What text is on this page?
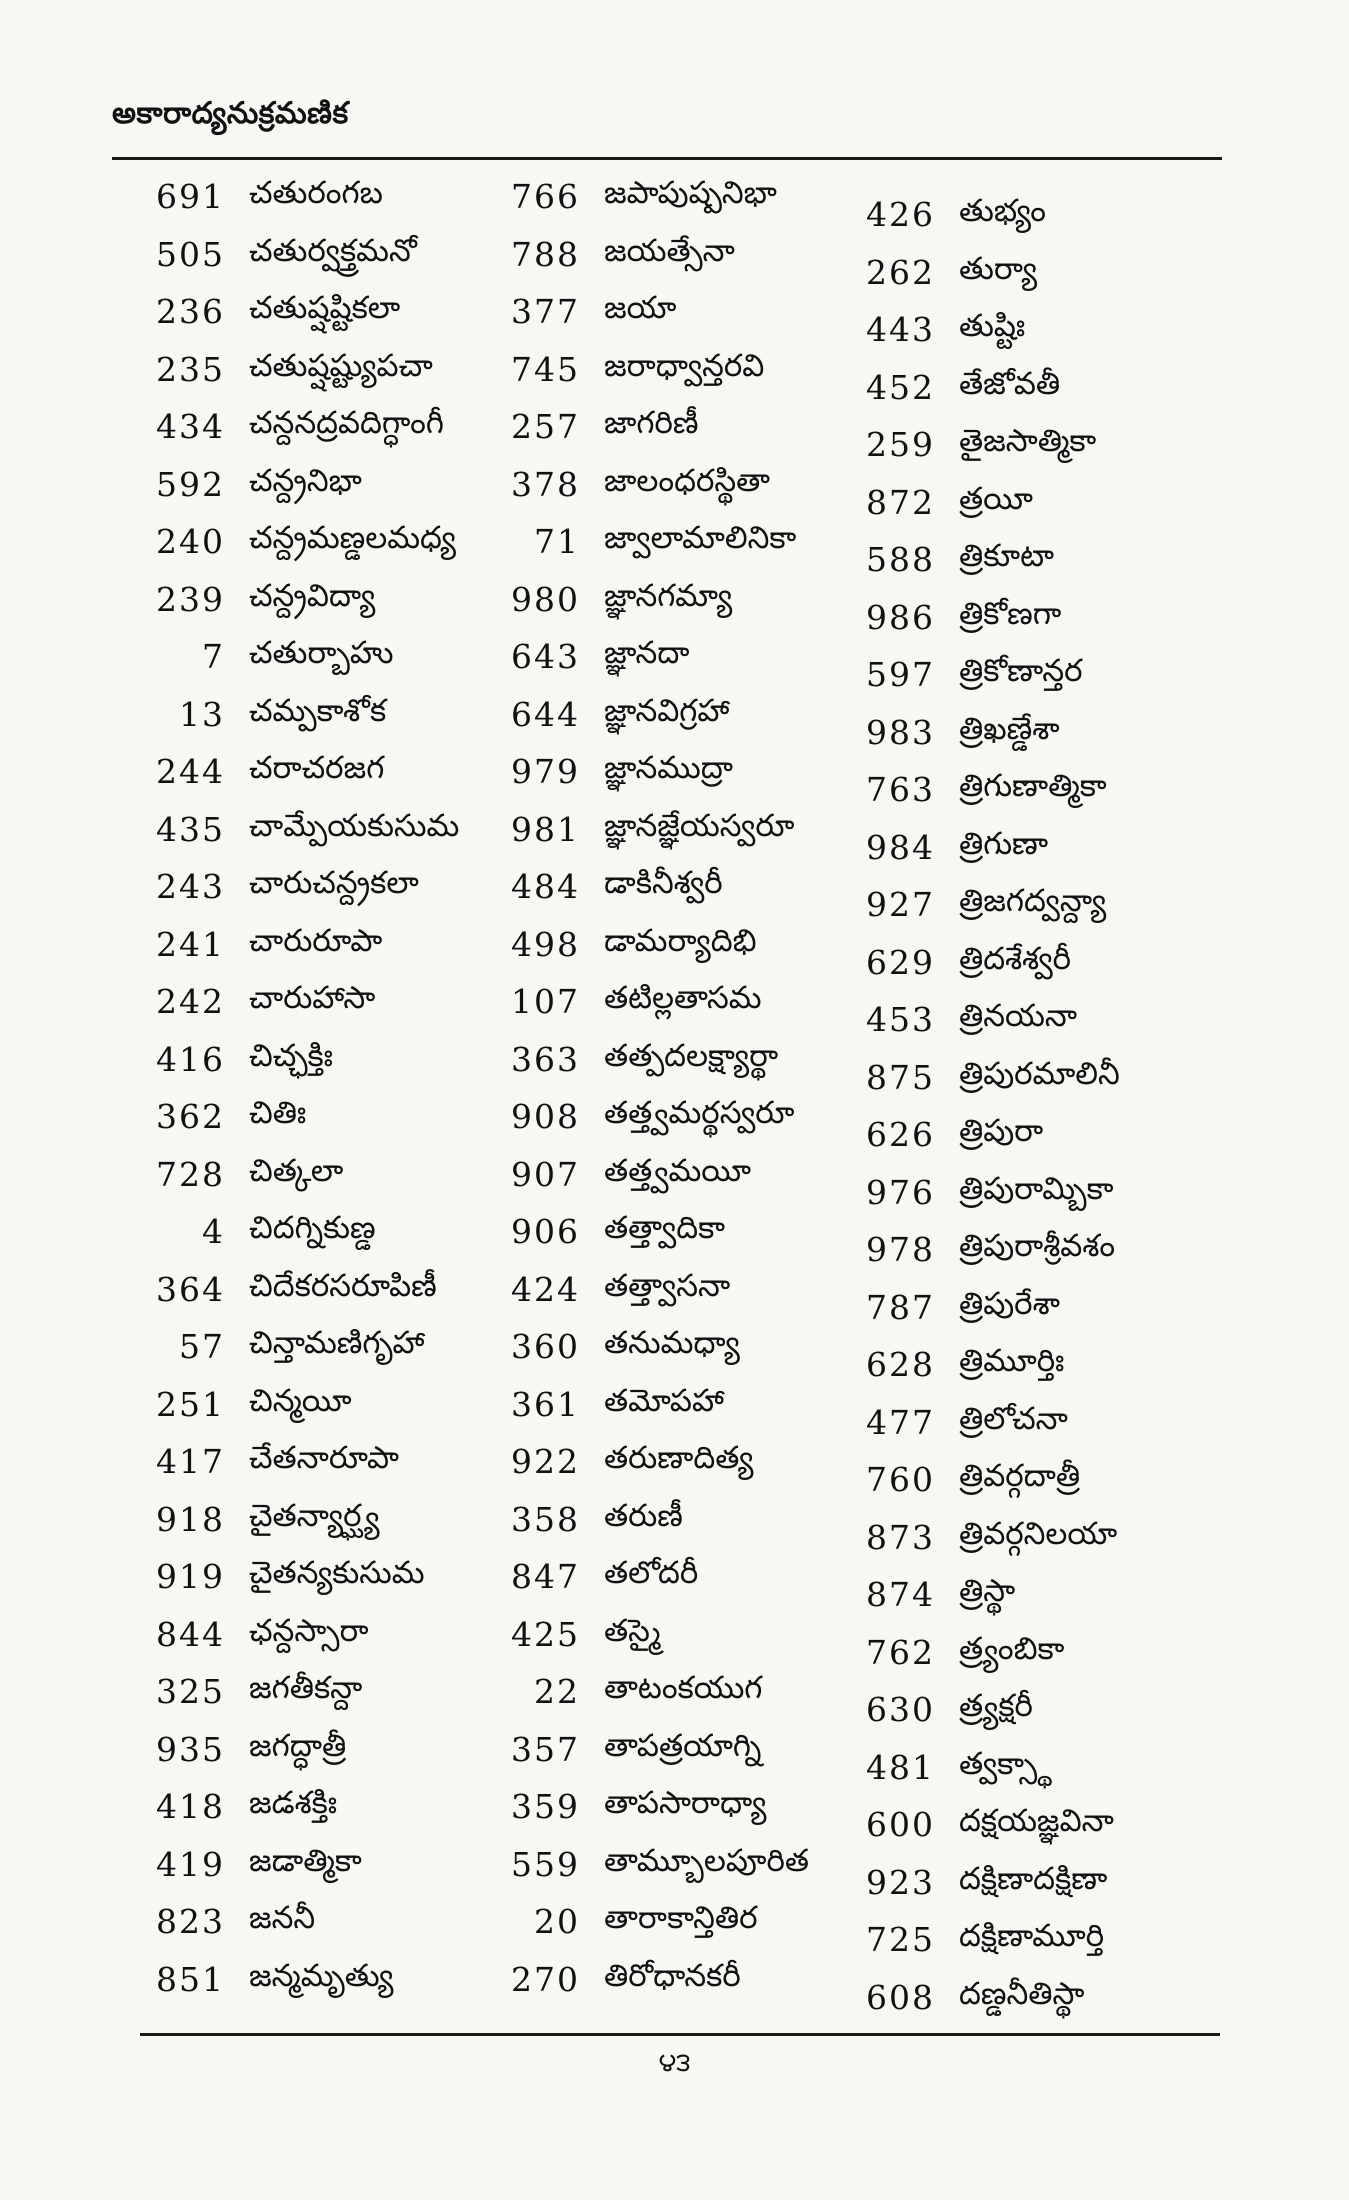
అకారాద్యనుక్రమణిక
691 చతురంగబ
505 చతుర్వక్త్రమనో
236 చతుష్షష్టికలా
235 చతుష్షష్ట్యుపచా
434 చన్దనద్రవదిగ్ధాంగీ
592 చన్ద్రనిభా
240 చన్ద్రమణ్డలమధ్య
239 చన్ద్రవిద్యా
7 చతుర్బాహు
13 చమ్పకాశోక
244 చరాచరజగ
435 చామ్పేయకుసుమ
243 చారుచన్ద్రకలా
241 చారురూపా
242 చారుహాసా
416 చిచ్ఛక్తిః
362 చితిః
728 చిత్కలా
4 చిదగ్నికుణ్డ
364 చిదేకరసరూపిణీ
57 చిన్తామణిగృహా
251 చిన్మయీ
417 చేతనారూపా
918 చైతన్యార్ఘ్య
919 చైతన్యకుసుమ
844 ఛన్దస్సారా
325 జగతీకన్దా
935 జగద్ధాత్రీ
418 జడశక్తిః
419 జడాత్మికా
823 జననీ
851 జన్మమృత్యు
766 జపాపుష్పనిభా
788 జయత్సేనా
377 జయా
745 జరాధ్వాన్తరవి
257 జాగరిణీ
378 జాలంధరస్థితా
71 జ్వాలామాలినికా
980 జ్ఞానగమ్యా
643 జ్ఞానదా
644 జ్ఞానవిగ్రహా
979 జ్ఞానముద్రా
981 జ్ఞానజ్ఞేయస్వరూ
484 డాకినీశ్వరీ
498 డామర్యాదిభి
107 తటిల్లతాసమ
363 తత్పదలక్ష్యార్థా
908 తత్త్వమర్థస్వరూ
907 తత్త్వమయీ
906 తత్త్వాదికా
424 తత్త్వాసనా
360 తనుమధ్యా
361 తమోపహా
922 తరుణాదిత్య
358 తరుణీ
847 తలోదరీ
425 తస్మై
22 తాటంకయుగ
357 తాపత్రయాగ్ని
359 తాపసారాధ్యా
559 తామ్బూలపూరిత
20 తారాకాన్తితిర
270 తిరోధానకరీ
426 తుభ్యం
262 తుర్యా
443 తుష్టిః
452 తేజోవతీ
259 తైజసాత్మికా
872 త్రయీ
588 త్రికూటా
986 త్రికోణగా
597 త్రికోణాన్తర
983 త్రిఖణ్డేశా
763 త్రిగుణాత్మికా
984 త్రిగుణా
927 త్రిజగద్వన్ద్యా
629 త్రిదశేశ్వరీ
453 త్రినయనా
875 త్రిపురమాలినీ
626 త్రిపురా
976 త్రిపురామ్బికా
978 త్రిపురాశ్రీవశం
787 త్రిపురేశా
628 త్రిమూర్తిః
477 త్రిలోచనా
760 త్రివర్గదాత్రీ
873 త్రివర్గనిలయా
874 త్రిస్థా
762 త్ర్యంబికా
630 త్ర్యక్షరీ
481 త్వక్స్థా
600 దక్షయజ్ఞవినా
923 దక్షిణాదక్షిణా
725 దక్షిణామూర్తి
608 దణ్డనీతిస్థా
౪౩
